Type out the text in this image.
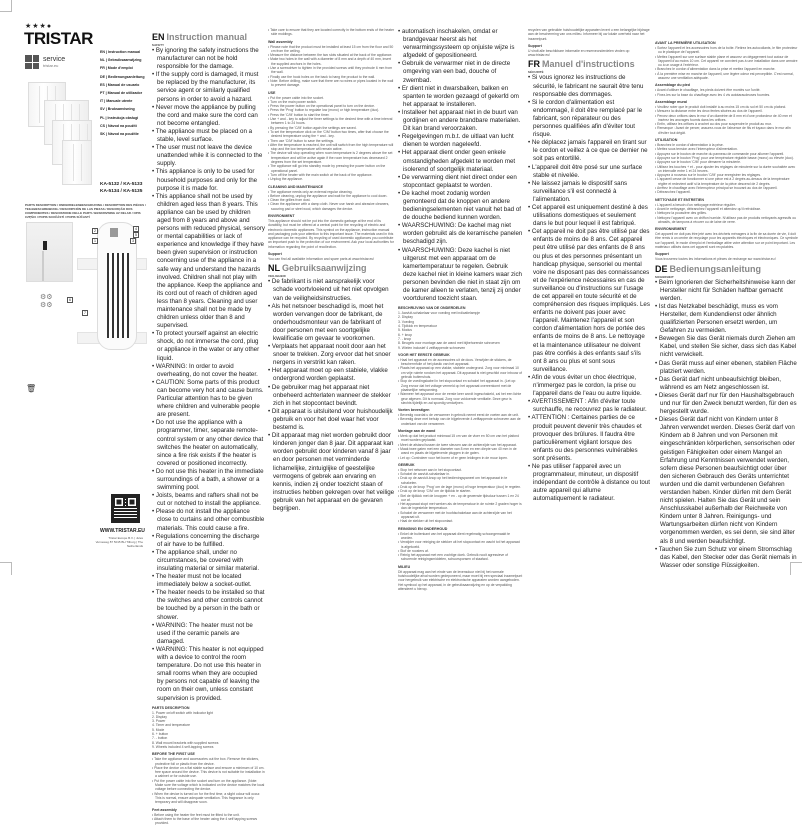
★★★●
TRISTAR
service
tristar.eu
EN | Instruction manual
NL | Gebruiksaanwijzing
FR | Mode d'emploi
DE | Bedienungsanleitung
ES | Manual de usuario
PT | Manual de utilizador
IT | Manuale utente
SV | Bruksanvisning
PL | Instrukcja obsługi
CS | Návod na použití
SK | Návod na použitie
KA-5132 / KA-5133
KA-5134 / KA-5135
PARTS DESCRIPTION / ONDERDELENBESCHRIJVING / DESCRIPTION DES PIÈCES / TEILEBESCHREIBUNG / DESCRIPCIÓN DE LAS PIEZAS / DESCRIÇÃO DOS COMPONENTES / DESCRIZIONE DELLE PARTI / BESKRIVNING AV DELAR / OPIS CZĘŚCI / POPIS SOUČÁSTÍ / POPIS SÚČASTÍ
2
1	3
4
5
6
7
⚙⚙
⚙⚙
🗑
WWW.TRISTAR.EU
Tristar Europe B.V. | Jules Verneweg 87 5015 BH Tilburg | The Netherlands
EN Instruction manual
SAFETY
• By ignoring the safety instructions the manufacturer can not be hold responsible for the damage.
• If the supply cord is damaged, it must be replaced by the manufacturer, its service agent or similarly qualified persons in order to avoid a hazard.
• Never move the appliance by pulling the cord and make sure the cord can not become entangled.
• The appliance must be placed on a stable, level surface.
• The user must not leave the device unattended while it is connected to the supply.
• This appliance is only to be used for household purposes and only for the purpose it is made for.
• This appliance shall not be used by children aged less than 8 years. This appliance can be used by children aged from 8 years and above and persons with reduced physical, sensory or mental capabilities or lack of experience and knowledge if they have been given supervision or instruction concerning use of the appliance in a safe way and understand the hazards involved. Children shall not play with the appliance. Keep the appliance and its cord out of reach of children aged less than 8 years. Cleaning and user maintenance shall not be made by children unless older than 8 and supervised.
• To protect yourself against an electric shock, do not immerse the cord, plug or appliance in the water or any other liquid.
• WARNING: In order to avoid overheating, do not cover the heater.
• CAUTION: Some parts of this product can become very hot and cause burns. Particular attention has to be given where children and vulnerable people are present.
• Do not use the appliance with a programmer, timer, separate remote-control system or any other device that switches the heater on automatically, since a fire risk exists if the heater is covered or positioned incorrectly.
• Do not use this heater in the immediate surroundings of a bath, a shower or a swimming pool.
• Joists, beams and rafters shall not be cut or notched to install the appliance.
• Please do not install the appliance close to curtains and other combustible materials. This could cause a fire.
• Regulations concerning the discharge of air have to be fulfilled.
• The appliance shall, under no circumstances, be covered with insulating material or similar material.
• The heater must not be located immediately below a socket-outlet.
• The heater needs to be installed so that the switches and other controls cannot be touched by a person in the bath or shower.
• WARNING: The heater must not be used if the ceramic panels are damaged.
• WARNING: This heater is not equipped with a device to control the room temperature. Do not use this heater in small rooms when they are occupied by persons not capable of leaving the room on their own, unless constant supervision is provided.
PARTS DESCRIPTION
1. Power on/off switch with indicator light
2. Display
3. Power
4. Timer and temperature
5. Mode
6. + button
7. - button
8. Wall mount brackets with supplied screws
9. Wheels included 4 self-tapping screws
BEFORE THE FIRST USE
• Take the appliance and accessories out the box. Remove the stickers, protective foil or plastic from the device.
• Place the device on a flat stable surface and ensure a minimum of 10 cm. free space around the device. This device is not suitable for installation in a cabinet or for outside use.
• Put the power cable into the socket and turn on the appliance. (Note: Make sure the voltage which is indicated on the device matches the local voltage before connecting the device.
• When the device is turned on for the first time, a slight odour will occur. This is normal, ensure adequate ventilation. This fragrance is only temporary and will disappear soon.
Feet assembly
• Before using the heater the feet must be fitted to the unit.
• Attach them to the base of the heater using the 4 self tapping screws provided.
• Take care to ensure that they are located correctly in the bottom ends of the heater side moldings.
Wall assembly
• Please note that the product must be installed at least 15 cm from the floor and 50 cm from the ceiling.
• Measure the distance between the two slots situated at the back of the appliance.
• Make two holes in the wall with a diameter of 8 mm and a depth of 40 mm, insert the supplied anchors in the holes.
• Use a screwdriver to tighten in the provided screws until they protrude 6 mm from the wall.
• Finally use the hook holes on the back to hang the product to the wall.
• Note: Before drilling, make sure that there are no wires or pipes located in the wall to prevent damage.
USE
• Put the power cable into the socket.
• Turn on the main power switch.
• Press the power button on the operational panel to turn on the device.
• Press the 'Prog' button to regulate low (mono) or high temperature (duo).
• Press the 'C/M' button to start the timer.
• Use + and - key to adjust the timer settings to the desired time with a time interval between 1 to 24 hours.
• By pressing the 'C/M' button again the settings are saved.
• To set the temperature click on the 'C/M' button two times, after that choose the desired temperature using the + and - key.
• Then use 'C/M' button to save the settings.
• After the temperature is reached, the unit will switch from the high temperature will stop and the low temperature will remain active.
• The device will stop operating when room temperature is 2 degrees above the set temperature and will be active again if the room temperature has decreased 2 degrees from the set temperature.
• The appliance will go into standby mode by pressing the power button on the operational panel.
• Turn off the heater with the main switch at the back of the appliance.
• Unplug the appliance.
CLEANING AND MAINTENANCE
• The appliance needs only an external regular cleaning.
• Before cleaning, unplug the appliance and wait for the appliance to cool down.
• Clean the grilles from dust.
• Clean the appliance with a damp cloth. Never use harsh and abrasive cleaners, scouring pad or steel wool, which damages the device.
ENVIRONMENT
This appliance should not be put into the domestic garbage at the end of its durability, but must be offered at a central point for the recycling of electric and electronic domestic appliances. This symbol on the appliance, instruction manual and packaging puts your attention to this important issue. The materials used in this appliance can be recycled. By recycling of used domestic appliances you contribute an important push to the protection of our environment. Ask your local authorities for information regarding the point of recollection.
Support
You can find all available information and spare parts at www.tristar.eu!
NL Gebruiksaanwijzing
VEILIGHEID
• De fabrikant is niet aansprakelijk voor schade voortvloeiend uit het niet opvolgen van de veiligheidsinstructies.
• Als het netsnoer beschadigd is, moet het worden vervangen door de fabrikant, de onderhoudsmonteur van de fabrikant of door personen met een soortgelijke kwalificatie om gevaar te voorkomen.
• Verplaats het apparaat nooit door aan het snoer te trekken. Zorg ervoor dat het snoer nergens in verstrikt kan raken.
• Het apparaat moet op een stabiele, vlakke ondergrond worden geplaatst.
• De gebruiker mag het apparaat niet onbeheerd achterlaten wanneer de stekker zich in het stopcontact bevindt.
• Dit apparaat is uitsluitend voor huishoudelijk gebruik en voor het doel waar het voor bestemd is.
• Dit apparaat mag niet worden gebruikt door kinderen jonger dan 8 jaar. Dit apparaat kan worden gebruikt door kinderen vanaf 8 jaar en door personen met verminderde lichamelijke, zintuiglijke of geestelijke vermogens of gebrek aan ervaring en kennis, indien zij onder toezicht staan of instructies hebben gekregen over het veilige gebruik van het apparaat en de gevaren begrijpen.
• automatisch inschakelen, omdat er brandgevaar heerst als het verwarmingssysteem op onjuiste wijze is afgedekt of gepositioneerd.
• Gebruik de verwarmer niet in de directe omgeving van een bad, douche of zwembad.
• Er dient niet in dwarsbalken, balken en spanten te worden gezaagd of gekerfd om het apparaat te installeren.
• Installeer het apparaat niet in de buurt van gordijnen en andere brandbare materialen. Dit kan brand veroorzaken.
• Regelgevingen m.b.t. de uitlaat van lucht dienen te worden nageleefd.
• Het apparaat dient onder geen enkele omstandigheden afgedekt te worden met isolerend of soortgelijk materiaal.
• De verwarming dient niet direct onder een stopcontact geplaatst te worden.
• De kachel moet zodanig worden gemonteerd dat de knoppen en andere bedieningselementen niet vanuit het bad of de douche bediend kunnen worden.
• WAARSCHUWING: De kachel mag niet worden gebruikt als de keramische panelen beschadigd zijn.
• WAARSCHUWING: Deze kachel is niet uitgerust met een apparaat om de kamertemperatuur te regelen. Gebruik deze kachel niet in kleine kamers waar zich personen bevinden die niet in staat zijn om de kamer alleen te verlaten, tenzij zij onder voortdurend toezicht staan.
BESCHRIJVING VAN DE ONDERDELEN
1. Aan/uit-schakelaar voor voeding met indicatielampje
2. Display
3. Voeding
4. Tijdklok en temperatuur
5. Modus
6. + knop
7. - knop
8. Beugels voor montage aan de wand met bijbehorende schroeven
9. Wielen inclusief 4 zelftappende schroeven
VOOR HET EERSTE GEBRUIK
• Haal het apparaat en de accessoires uit de doos. Verwijder de stickers, de beschermfolie of het plastic van het apparaat.
• Plaats het apparaat op een vlakke, stabiele ondergrond. Zorg voor minimaal 10 cm vrije ruimte rondom het apparaat. Dit apparaat is niet geschikt voor inbouw of gebruik buitenshuis.
• Stop de voedingskabel in het stopcontact en schakel het apparaat in. (Let op: Zorg ervoor dat het voltage vermeld op het apparaat overeenkomt met de plaatselijke netspanning.
• Wanneer het apparaat voor de eerste keer wordt ingeschakeld, zal het een lichte geur afgeven. Dit is normaal. Zorg voor voldoende ventilatie. Deze geur is slechts tijdelijk en zal spoedig verdwijnen.
Voeten bevestigen
• Bevestig voordat u de verwarmer in gebruik neemt eerst de voeten aan de unit.
• Bevestig deze met behulp van de bijgeleverde 4 zelftappende schroeven aan de onderkant van de verwarmer.
Montage aan de wand
• Merk op dat het product minimaal 15 cm van de vloer en 50 cm van het plafond moet worden geplaatst.
• Meet de afstand tussen de twee sleuven aan de achterzijde van het apparaat.
• Maak twee gaten met een diameter van 8 mm en een diepte van 40 mm in de wand en plaats de bijgeleverde pluggen in de gaten.
• Let op: Controleer voor het boren of er geen leidingen in de muur lopen.
GEBRUIK
• Stop het netsnoer aan in het stopcontact.
• Schakel de aan/uit-schakelaar in.
• Druk op de aan/uit-knop op het bedieningspaneel om het apparaat in te schakelen.
• Druk op de knop 'Prog' om de lage (mono) of hoge temperatuur (duo) te regelen.
• Druk op de knop 'C/M' om de tijdklok te starten.
• Stel de tijdklok met de knoppen + en - op de gewenste tijdsduur tussen 1 en 24 uur af.
• Het apparaat stopt met werken als de temperatuur in de ruimte 2 graden hoger is dan de ingestelde temperatuur.
• Schakel de verwarmer met de hoofdschakelaar aan de achterzijde van het apparaat uit.
• Haal de stekker uit het stopcontact.
REINIGING EN ONDERHOUD
• Enkel de buitenkant van het apparaat dient regelmatig schoongemaakt te worden.
• Verwijder voor reiniging de stekker uit het stopcontact en wacht tot het apparaat is afgekoeld.
• Stof de roosters af.
• Reinig het apparaat met een vochtige doek. Gebruik nooit agressieve of schurende reinigingsmiddelen, schuursponsen of staalwol.
MILIEU
Dit apparaat mag aan het einde van de levensduur niet bij het normale huishoudelijke afval worden gedeponeerd, maar moet bij een speciaal inzamelpunt voor hergebruik van elektrische en elektronische apparaten worden aangeboden. Het symbool op het apparaat, in de gebruiksaanwijzing en op de verpakking attendeert u hierop.
recyclen van gebruikte huishoudelijke apparaten levert u een belangrijke bijdrage aan de bescherming van ons milieu. Informeer bij uw lokale overheid naar het inzamelpunt.
Support
U vindt alle beschikbare informatie en reserveonderdelen vinden op www.tristar.eu!
FR Manuel d'instructions
SÉCURITÉ
• Si vous ignorez les instructions de sécurité, le fabricant ne saurait être tenu responsable des dommages.
• Si le cordon d'alimentation est endommagé, il doit être remplacé par le fabricant, son réparateur ou des personnes qualifiées afin d'éviter tout risque.
• Ne déplacez jamais l'appareil en tirant sur le cordon et veillez à ce que ce dernier ne soit pas entortillé.
• L'appareil doit être posé sur une surface stable et nivelée.
• Ne laissez jamais le dispositif sans surveillance s'il est connecté à l'alimentation.
• Cet appareil est uniquement destiné à des utilisations domestiques et seulement dans le but pour lequel il est fabriqué.
• Cet appareil ne doit pas être utilisé par des enfants de moins de 8 ans. Cet appareil peut être utilisé par des enfants de 8 ans ou plus et des personnes présentant un handicap physique, sensoriel ou mental voire ne disposant pas des connaissances et de l'expérience nécessaires en cas de surveillance ou d'instructions sur l'usage de cet appareil en toute sécurité et de compréhension des risques impliqués. Les enfants ne doivent pas jouer avec l'appareil. Maintenez l'appareil et son cordon d'alimentation hors de portée des enfants de moins de 8 ans. Le nettoyage et la maintenance utilisateur ne doivent pas être confiés à des enfants sauf s'ils ont 8 ans ou plus et sont sous surveillance.
• Afin de vous éviter un choc électrique, n'immergez pas le cordon, la prise ou l'appareil dans de l'eau ou autre liquide.
• AVERTISSEMENT : Afin d'éviter toute surchauffe, ne recouvrez pas le radiateur.
• ATTENTION : Certaines parties de ce produit peuvent devenir très chaudes et provoquer des brûlures. Il faudra être particulièrement vigilant lorsque des enfants ou des personnes vulnérables sont présents.
• Ne pas utiliser l'appareil avec un programmateur, minuteur, un dispositif indépendant de contrôle à distance ou tout autre appareil qui allume automatiquement le radiateur.
AVANT LA PREMIÈRE UTILISATION
• Sortez l'appareil et les accessoires hors de la boîte. Retirez les autocollants, le film protecteur ou le plastique de l'appareil.
• Mettez l'appareil sur une surface stable plane et assurez un dégagement tout autour de l'appareil d'au moins 10 cm. Cet appareil ne convient pas à une installation dans une armoire ou à un usage à l'extérieur.
• Branchez le cordon d'alimentation dans la prise et mettez l'appareil en marche.
• À la première mise en marche de l'appareil, une légère odeur est perceptible. C'est normal, assurez une ventilation adéquate.
Assemblage du pied
• Avant d'utiliser le chauffage, les pieds doivent être montés sur l'unité.
• Fixez-les sur la base du chauffage avec les 4 vis autotaraudeuses fournies.
Assemblage mural
• Veuillez noter que le produit doit installé à au moins 15 cm du sol et 50 cm du plafond.
• Mesurez la distance entre les deux fentes situées au dos de l'appareil.
• Percez deux orifices dans le mur d'un diamètre de 8 mm et d'une profondeur de 40 mm et insérez les ancrages fournis dans les orifices.
• Enfin, utilisez les orifices à crochet au dos pour suspendre le produit au mur.
• Remarque : Avant de percer, assurez-vous de l'absence de fils et tuyaux dans le mur afin d'éviter tout dégât.
UTILISATION
• Branchez le cordon d'alimentation à la prise.
• Mettez sous tension avec l'interrupteur d'alimentation.
• Appuyez sur le bouton de marche du panneau de commande pour allumer l'appareil.
• Appuyez sur le bouton 'Prog' pour une température réglable basse (mono) ou élevée (duo).
• Appuyez sur le bouton 'C/M' pour démarrer la minuterie.
• Utilisez les touches + et - pour ajuster les réglages de minuterie sur la durée souhaitée avec un intervalle entre 1 et 24 heures.
• Appuyez à nouveau sur le bouton 'C/M' pour enregistrer les réglages.
• L'appareil cesse de fonctionner si une pièce est à 2 degrés au-dessus de la température réglée et redevient actif si la température de la pièce descend de 2 degrés.
• Arrêtez le chauffage avec l'interrupteur principal se trouvant au dos de l'appareil.
• Débranchez l'appareil.
NETTOYAGE ET ENTRETIEN
• L'appareil a besoin d'un nettoyage extérieur régulier.
• Avant le nettoyage, débranchez l'appareil et attendez qu'il refroidisse.
• Nettoyez la poussière des grilles.
• Nettoyez l'appareil avec un chiffon humide. N'utilisez pas de produits nettoyants agressifs ou abrasifs, de tampons à récurer ou de laine de verre.
ENVIRONNEMENT
Cet appareil ne doit pas être jeté avec les déchets ménagers à la fin de sa durée de vie, il doit être remis à un centre de recyclage pour les appareils électriques et électroniques. Ce symbole sur l'appareil, le mode d'emploi et l'emballage attire votre attention sur ce point important. Les matériaux utilisés dans cet appareil sont recyclables.
Support
Vous trouverez toutes les informations et pièces de rechange sur www.tristar.eu !
DE Bedienungsanleitung
SICHERHEIT
• Beim Ignorieren der Sicherheitshinweise kann der Hersteller nicht für Schäden haftbar gemacht werden.
• Ist das Netzkabel beschädigt, muss es vom Hersteller, dem Kundendienst oder ähnlich qualifizierten Personen ersetzt werden, um Gefahren zu vermeiden.
• Bewegen Sie das Gerät niemals durch Ziehen am Kabel, und stellen Sie sicher, dass sich das Kabel nicht verwickelt.
• Das Gerät muss auf einer ebenen, stabilen Fläche platziert werden.
• Das Gerät darf nicht unbeaufsichtigt bleiben, während es am Netz angeschlossen ist.
• Dieses Gerät darf nur für den Haushaltsgebrauch und nur für den Zweck benutzt werden, für den es hergestellt wurde.
• Dieses Gerät darf nicht von Kindern unter 8 Jahren verwendet werden. Dieses Gerät darf von Kindern ab 8 Jahren und von Personen mit eingeschränkten körperlichen, sensorischen oder geistigen Fähigkeiten oder einem Mangel an Erfahrung und Kenntnissen verwendet werden, sofern diese Personen beaufsichtigt oder über den sicheren Gebrauch des Geräts unterrichtet wurden und die damit verbundenen Gefahren verstanden haben. Kinder dürfen mit dem Gerät nicht spielen. Halten Sie das Gerät und sein Anschlusskabel außerhalb der Reichweite von Kindern unter 8 Jahren. Reinigungs- und Wartungsarbeiten dürfen nicht von Kindern vorgenommen werden, es sei denn, sie sind älter als 8 und werden beaufsichtigt.
• Tauchen Sie zum Schutz vor einem Stromschlag das Kabel, den Stecker oder das Gerät niemals in Wasser oder sonstige Flüssigkeiten.
